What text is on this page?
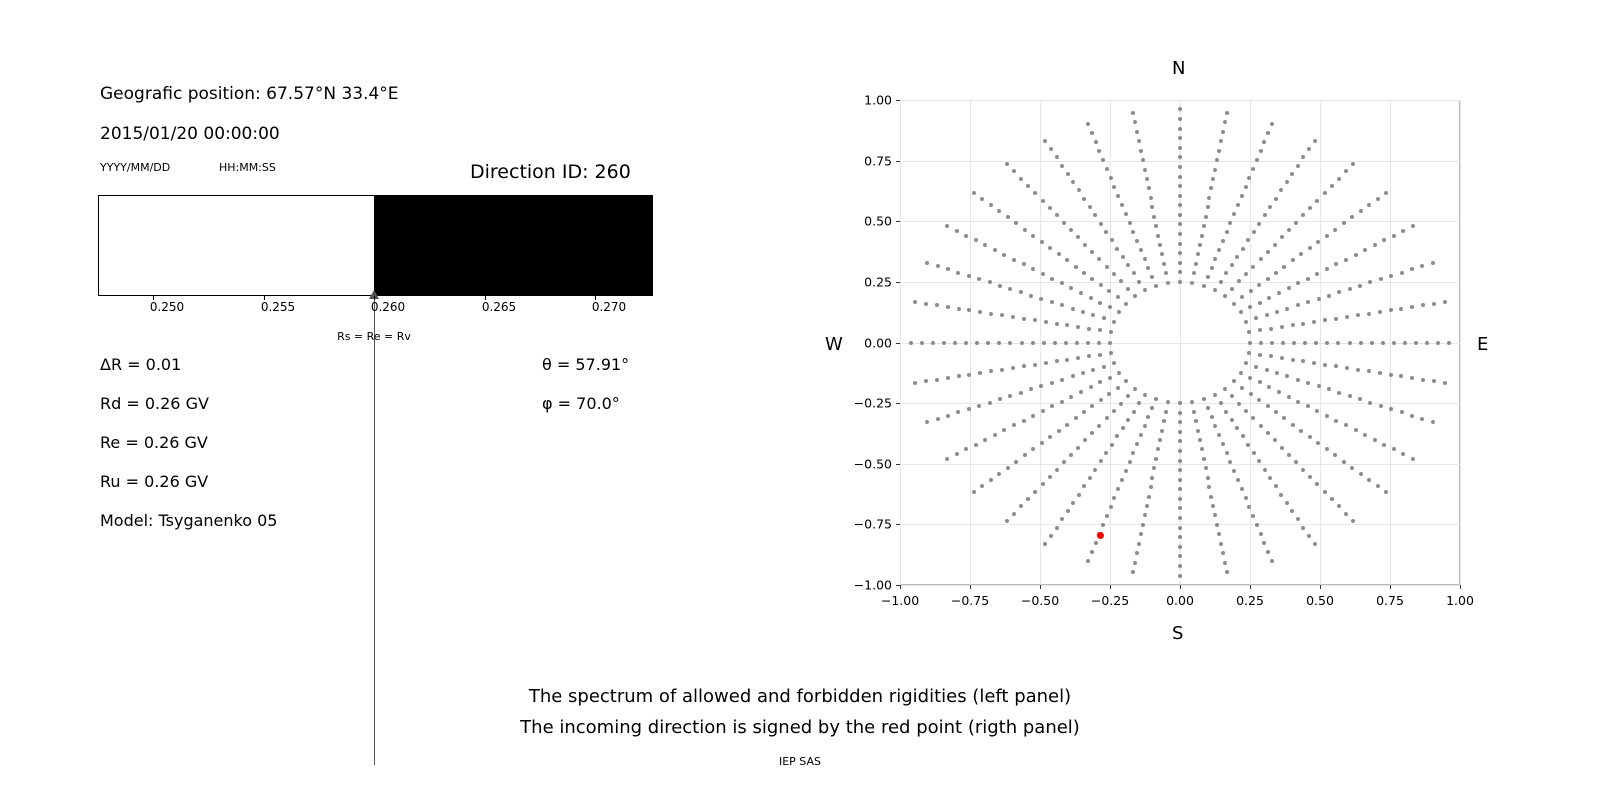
Geografic position: 67.57°N 33.4°E
2015/01/20 00:00:00
YYYY/MM/DD	HH:MM:SS	Direction ID: 260
Rs = Re = Rv
0.250	0.255	0.260	0.265	0.270
ΔR = 0.01
Rd = 0.26 GV
Re = 0.26 GV
Ru = 0.26 GV
Model: Tsyganenko 05
θ = 57.91°
φ = 70.0°
−1.00	−0.75	−0.50	−0.25	0.00	0.25	0.50	0.75	1.00
−1.00
−0.75
−0.50
−0.25
0.00
0.25
0.50
0.75
1.00
N
S
W	E
The spectrum of allowed and forbidden rigidities (left panel)
The incoming direction is signed by the red point (rigth panel)
IEP SAS
